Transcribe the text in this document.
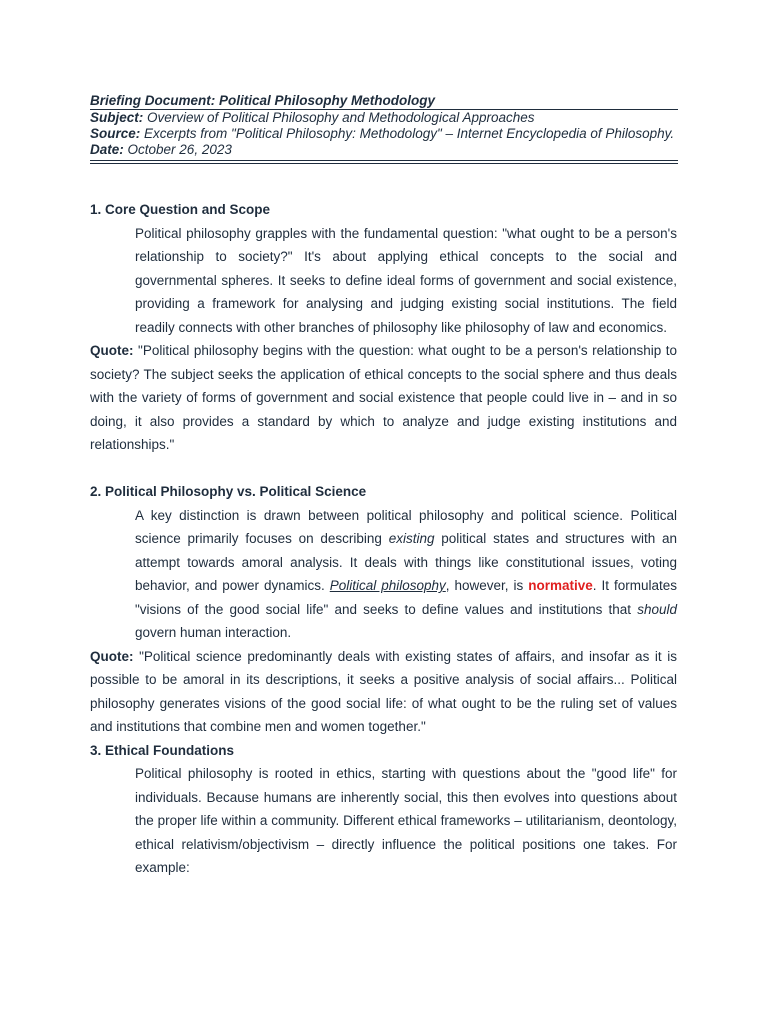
Briefing Document: Political Philosophy Methodology
Subject: Overview of Political Philosophy and Methodological Approaches
Source: Excerpts from "Political Philosophy: Methodology" – Internet Encyclopedia of Philosophy.
Date: October 26, 2023
1. Core Question and Scope

Political philosophy grapples with the fundamental question: "what ought to be a person's relationship to society?" It's about applying ethical concepts to the social and governmental spheres. It seeks to define ideal forms of government and social existence, providing a framework for analysing and judging existing social institutions. The field readily connects with other branches of philosophy like philosophy of law and economics.

Quote: "Political philosophy begins with the question: what ought to be a person's relationship to society? The subject seeks the application of ethical concepts to the social sphere and thus deals with the variety of forms of government and social existence that people could live in – and in so doing, it also provides a standard by which to analyze and judge existing institutions and relationships."

2. Political Philosophy vs. Political Science

A key distinction is drawn between political philosophy and political science. Political science primarily focuses on describing existing political states and structures with an attempt towards amoral analysis. It deals with things like constitutional issues, voting behavior, and power dynamics. Political philosophy, however, is normative. It formulates "visions of the good social life" and seeks to define values and institutions that should govern human interaction.

Quote: "Political science predominantly deals with existing states of affairs, and insofar as it is possible to be amoral in its descriptions, it seeks a positive analysis of social affairs... Political philosophy generates visions of the good social life: of what ought to be the ruling set of values and institutions that combine men and women together."

3. Ethical Foundations

Political philosophy is rooted in ethics, starting with questions about the "good life" for individuals. Because humans are inherently social, this then evolves into questions about the proper life within a community. Different ethical frameworks – utilitarianism, deontology, ethical relativism/objectivism – directly influence the political positions one takes. For example:
